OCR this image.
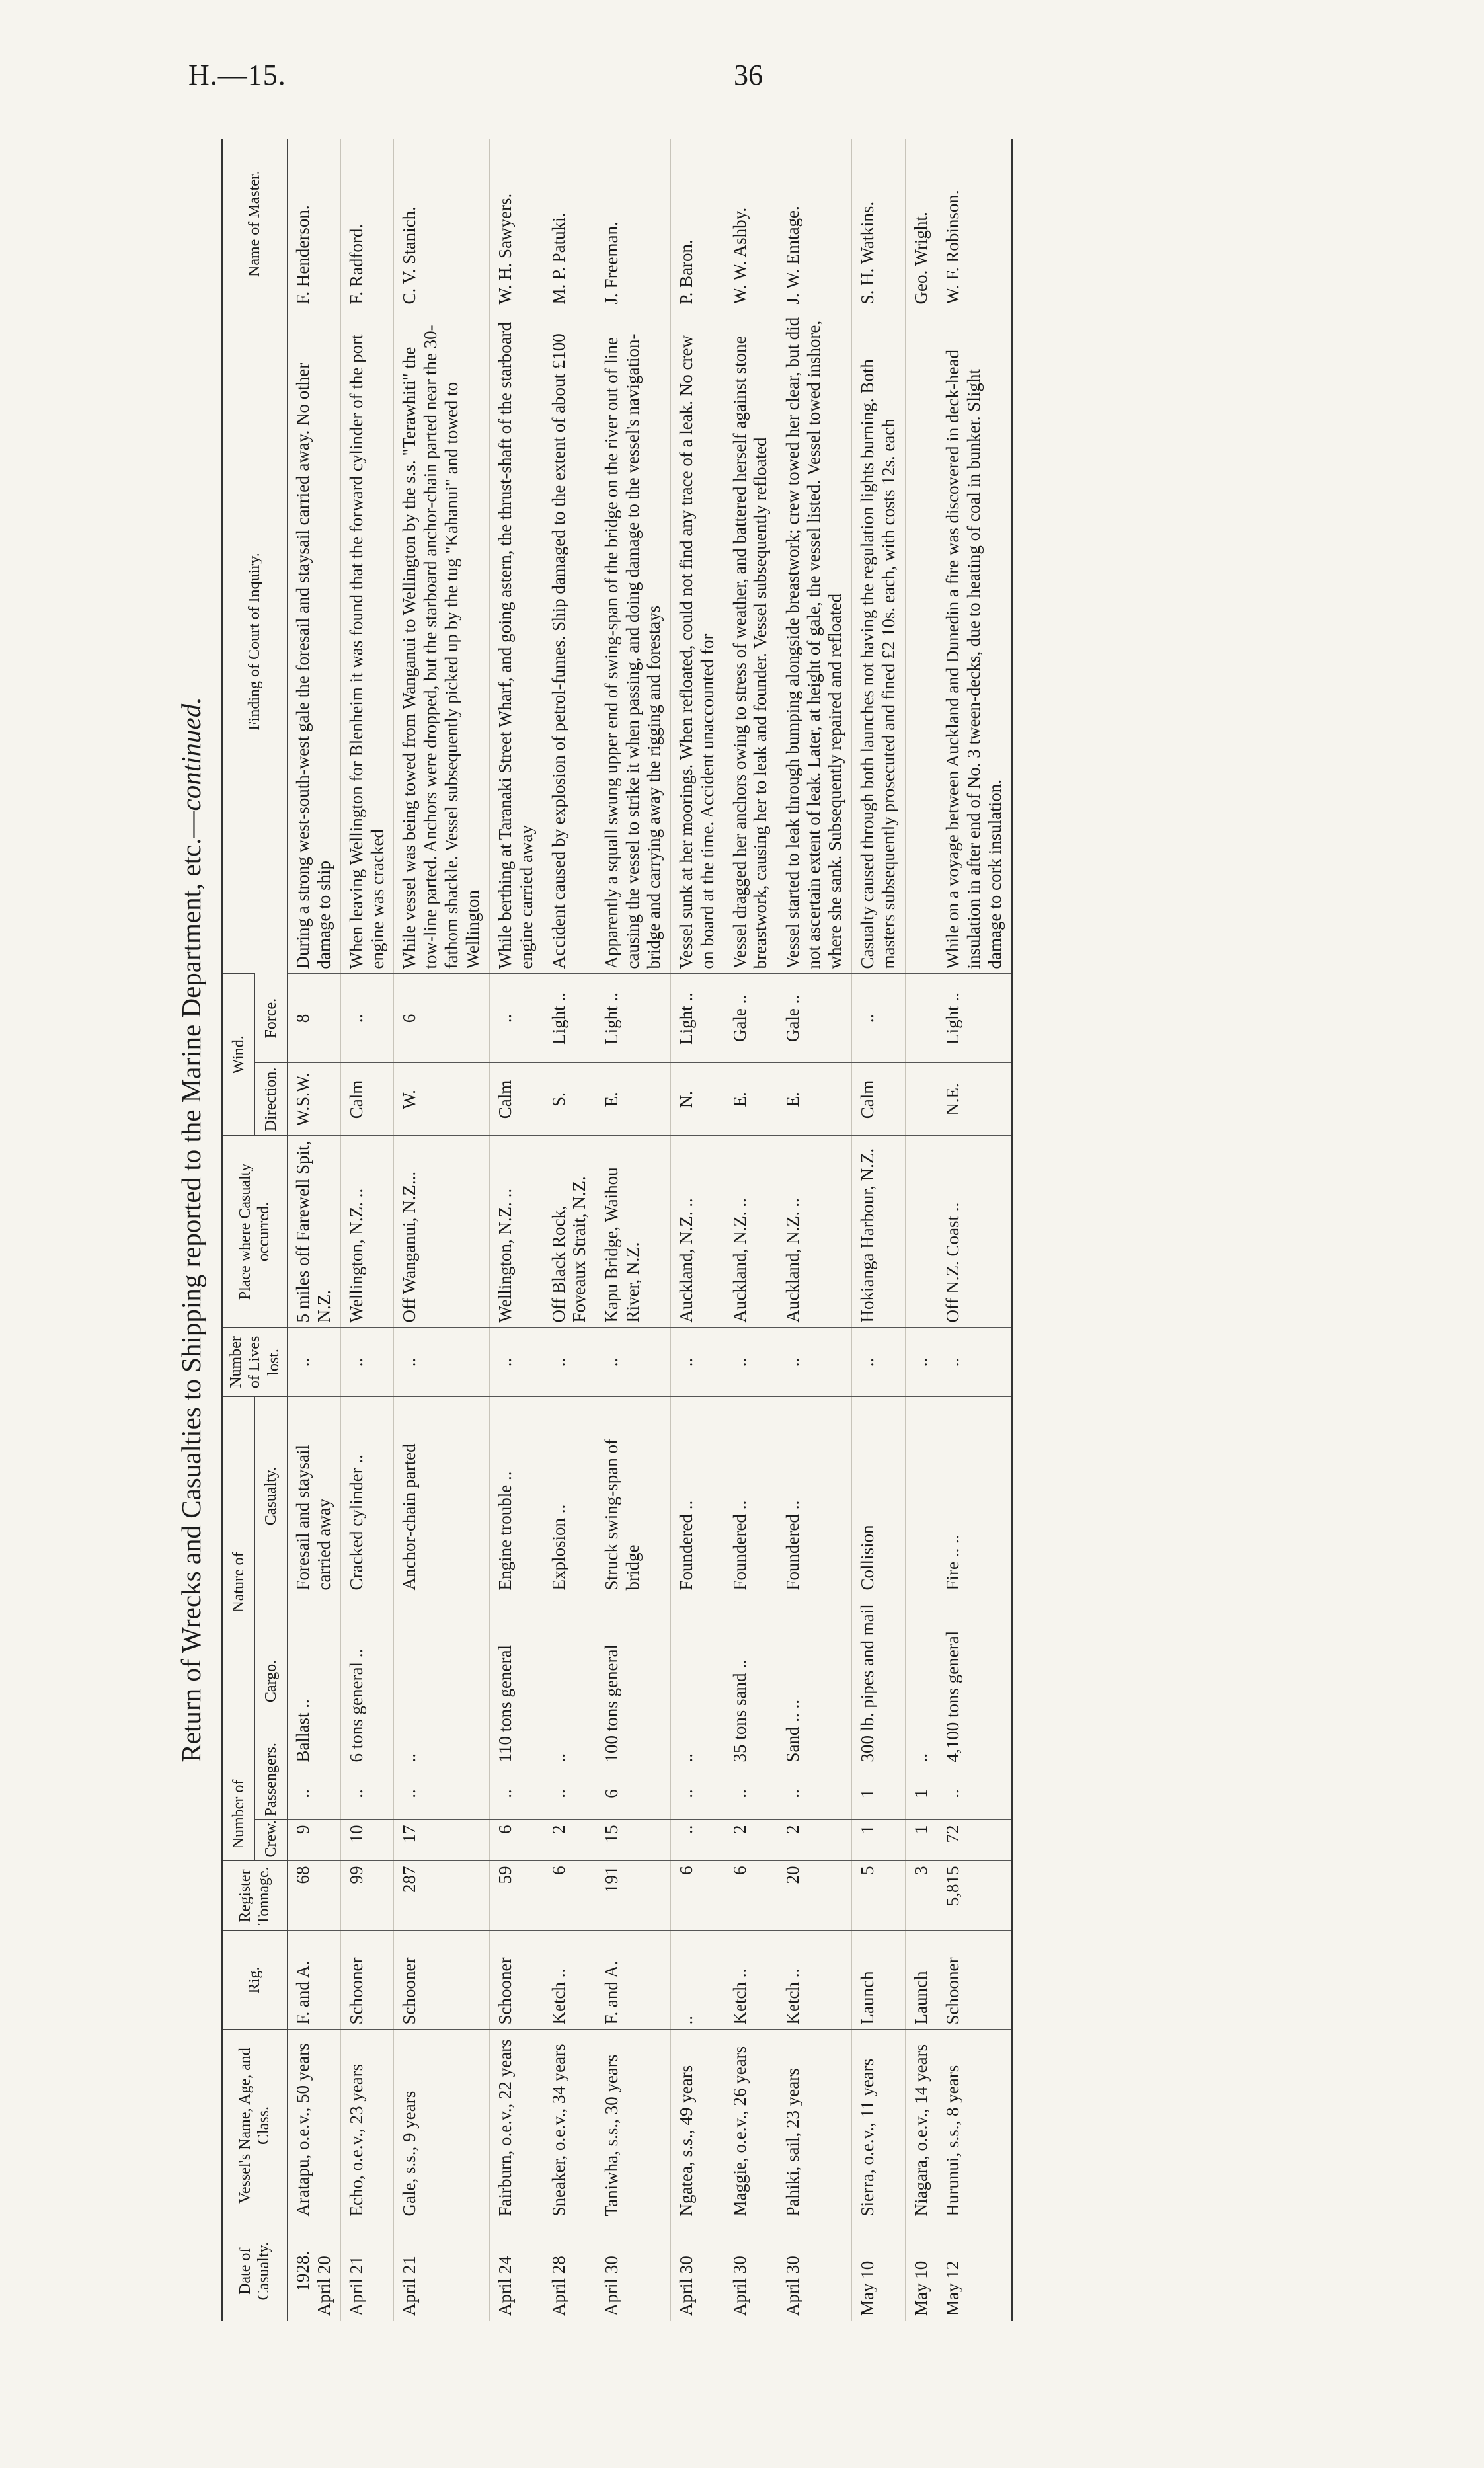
H.—15.	36
Return of Wrecks and Casualties to Shipping reported to the Marine Department, etc.—continued.
Date of Casualty.	Vessel's Name, Age, and Class.	Rig.	Register Tonnage.	Number of		Nature of		Number of Lives lost.	Place where Casualty occurred.	Wind.		Finding of Court of Inquiry.	Name of Master.
				Crew.	Passengers.	Cargo.	Casualty.			Direction.	Force.		

1928. April 20	Aratapu, o.e.v., 50 years	F. and A.	68	9	..	Ballast ..	Foresail and staysail carried away	..	5 miles off Farewell Spit, N.Z.	W.S.W.	8	During a strong west-south-west gale the foresail and staysail carried away. No other damage to ship	F. Henderson.
April 21	Echo, o.e.v., 23 years	Schooner	99	10	..	6 tons general ..	Cracked cylinder ..	..	Wellington, N.Z. ..	Calm	..	When leaving Wellington for Blenheim it was found that the forward cylinder of the port engine was cracked	F. Radford.
April 21	Gale, s.s., 9 years	Schooner	287	17	..	..	Anchor-chain parted	..	Off Wanganui, N.Z...	W.	6	While vessel was being towed from Wanganui to Wellington by the s.s. "Terawhiti" the tow-line parted. Anchors were dropped, but the starboard anchor-chain parted near the 30-fathom shackle. Vessel subsequently picked up by the tug "Kahanui" and towed to Wellington	C. V. Stanich.
April 24	Fairburn, o.e.v., 22 years	Schooner	59	6	..	110 tons general	Engine trouble ..	..	Wellington, N.Z. ..	Calm	..	While berthing at Taranaki Street Wharf, and going astern, the thrust-shaft of the starboard engine carried away	W. H. Sawyers.
April 28	Sneaker, o.e.v., 34 years	Ketch ..	6	2	..	..	Explosion ..	..	Off Black Rock, Foveaux Strait, N.Z.	S.	Light ..	Accident caused by explosion of petrol-fumes. Ship damaged to the extent of about £100	M. P. Patuki.
April 30	Taniwha, s.s., 30 years	F. and A.	191	15	6	100 tons general	Struck swing-span of bridge	..	Kapu Bridge, Waihou River, N.Z.	E.	Light ..	Apparently a squall swung upper end of swing-span of the bridge on the river out of line causing the vessel to strike it when passing, and doing damage to the vessel's navigation-bridge and carrying away the rigging and forestays	J. Freeman.
April 30	Ngatea, s.s., 49 years	..	6	..	..	..	Foundered ..	..	Auckland, N.Z. ..	N.	Light ..	Vessel sunk at her moorings. When refloated, could not find any trace of a leak. No crew on board at the time. Accident unaccounted for	P. Baron.
April 30	Maggie, o.e.v., 26 years	Ketch ..	6	2	..	35 tons sand ..	Foundered ..	..	Auckland, N.Z. ..	E.	Gale ..	Vessel dragged her anchors owing to stress of weather, and battered herself against stone breastwork, causing her to leak and founder. Vessel subsequently refloated	W. W. Ashby.
April 30	Pahiki, sail, 23 years	Ketch ..	20	2	..	Sand .. ..	Foundered ..	..	Auckland, N.Z. ..	E.	Gale ..	Vessel started to leak through bumping alongside breastwork; crew towed her clear, but did not ascertain extent of leak. Later, at height of gale, the vessel listed. Vessel towed inshore, where she sank. Subsequently repaired and refloated	J. W. Emtage.
May 10	Sierra, o.e.v., 11 years	Launch	5	1	1	300 lb. pipes and mail	Collision	..	Hokianga Harbour, N.Z.	Calm	..	Casualty caused through both launches not having the regulation lights burning. Both masters subsequently prosecuted and fined £2 10s. each, with costs 12s. each	S. H. Watkins.
May 10	Niagara, o.e.v., 14 years	Launch	3	1	1	..		..					Geo. Wright.
May 12	Hurunui, s.s., 8 years	Schooner	5,815	72	..	4,100 tons general	Fire .. ..	..	Off N.Z. Coast ..	N.E.	Light ..	While on a voyage between Auckland and Dunedin a fire was discovered in deck-head insulation in after end of No. 3 tween-decks, due to heating of coal in bunker. Slight damage to cork insulation.	W. F. Robinson.
